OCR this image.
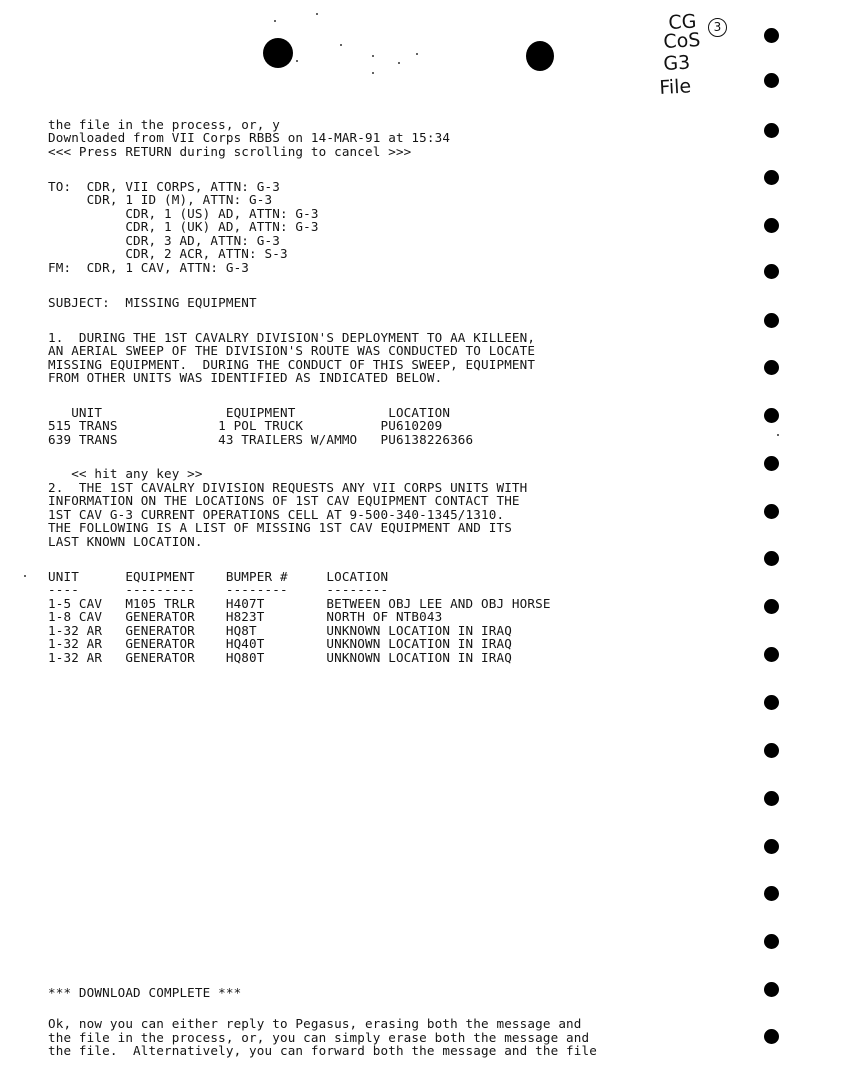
CG	3
CoS
G3
File
the file in the process, or, y
Downloaded from VII Corps RBBS on 14-MAR-91 at 15:34
<<< Press RETURN during scrolling to cancel >>>
TO:  CDR, VII CORPS, ATTN: G-3
CDR, 1 ID (M), ATTN: G-3
CDR, 1 (US) AD, ATTN: G-3
CDR, 1 (UK) AD, ATTN: G-3
CDR, 3 AD, ATTN: G-3
CDR, 2 ACR, ATTN: S-3
FM:  CDR, 1 CAV, ATTN: G-3
SUBJECT:  MISSING EQUIPMENT
1.  DURING THE 1ST CAVALRY DIVISION'S DEPLOYMENT TO AA KILLEEN,
AN AERIAL SWEEP OF THE DIVISION'S ROUTE WAS CONDUCTED TO LOCATE
MISSING EQUIPMENT.  DURING THE CONDUCT OF THIS SWEEP, EQUIPMENT
FROM OTHER UNITS WAS IDENTIFIED AS INDICATED BELOW.
UNIT                EQUIPMENT            LOCATION
515 TRANS             1 POL TRUCK          PU610209
639 TRANS             43 TRAILERS W/AMMO   PU6138226366
<< hit any key >>
2.  THE 1ST CAVALRY DIVISION REQUESTS ANY VII CORPS UNITS WITH
INFORMATION ON THE LOCATIONS OF 1ST CAV EQUIPMENT CONTACT THE
1ST CAV G-3 CURRENT OPERATIONS CELL AT 9-500-340-1345/1310.
THE FOLLOWING IS A LIST OF MISSING 1ST CAV EQUIPMENT AND ITS
LAST KNOWN LOCATION.
UNIT      EQUIPMENT    BUMPER #     LOCATION
----      ---------    --------     --------
1-5 CAV   M105 TRLR    H407T        BETWEEN OBJ LEE AND OBJ HORSE
1-8 CAV   GENERATOR    H823T        NORTH OF NTB043
1-32 AR   GENERATOR    HQ8T         UNKNOWN LOCATION IN IRAQ
1-32 AR   GENERATOR    HQ40T        UNKNOWN LOCATION IN IRAQ
1-32 AR   GENERATOR    HQ80T        UNKNOWN LOCATION IN IRAQ
*** DOWNLOAD COMPLETE ***
Ok, now you can either reply to Pegasus, erasing both the message and
the file in the process, or, you can simply erase both the message and
the file.  Alternatively, you can forward both the message and the file
